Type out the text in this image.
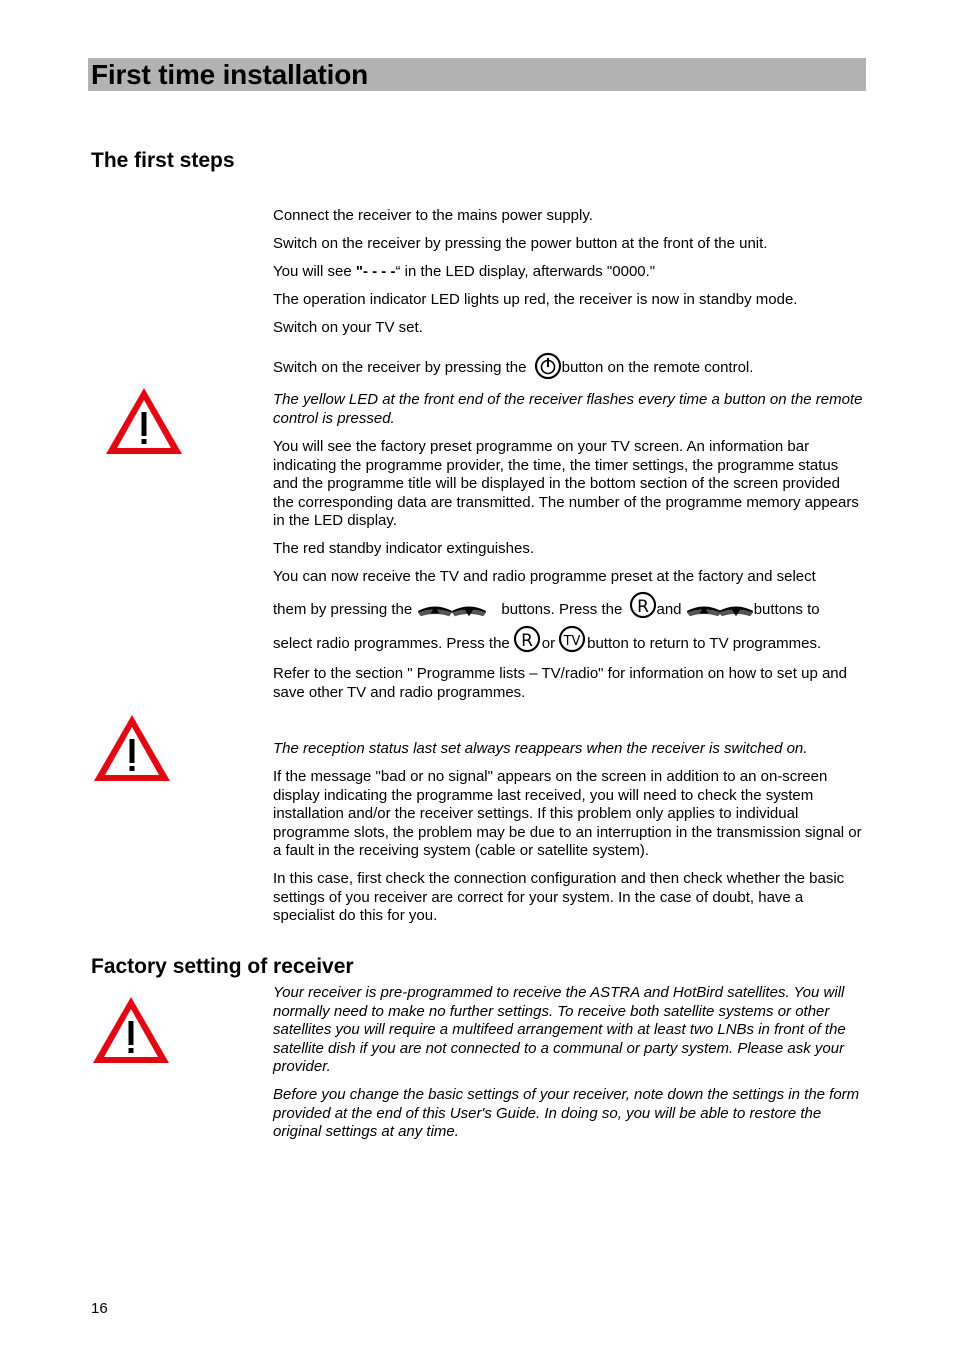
First time installation
The first steps

Connect the receiver to the mains power supply.

Switch on the receiver by pressing the power button at the front of the unit.

You will see "- - - -“ in the LED display, afterwards "0000."

The operation indicator LED lights up red, the receiver is now in standby mode.

Switch on your TV set.

Switch on the receiver by pressing the button on the remote control.

The yellow LED at the front end of the receiver flashes every time a button on the remote control is pressed.

You will see the factory preset programme on your TV screen. An information bar indicating the programme provider, the time, the timer settings, the programme status and the programme title will be displayed in the bottom section of the screen provided the corresponding data are transmitted. The number of the programme memory appears in the LED display.

The red standby indicator extinguishes.

You can now receive the TV and radio programme preset at the factory and select

them by pressing the	buttons. Press the R and	buttons to

select radio programmes. Press the R or TV button to return to TV programmes.

Refer to the section " Programme lists – TV/radio" for information on how to set up and save other TV and radio programmes.

The reception status last set always reappears when the receiver is switched on.

If the message "bad or no signal" appears on the screen in addition to an on-screen display indicating the programme last received, you will need to check the system installation and/or the receiver settings. If this problem only applies to individual programme slots, the problem may be due to an interruption in the transmission signal or a fault in the receiving system (cable or satellite system).

In this case, first check the connection configuration and then check whether the basic settings of you receiver are correct for your system. In the case of doubt, have a specialist do this for you.

Factory setting of receiver

Your receiver is pre-programmed to receive the ASTRA and HotBird satellites. You will normally need to make no further settings. To receive both satellite systems or other satellites you will require a multifeed arrangement with at least two LNBs in front of the satellite dish if you are not connected to a communal or party system. Please ask your provider.

Before you change the basic settings of your receiver, note down the settings in the form provided at the end of this User's Guide. In doing so, you will be able to restore the original settings at any time.

16
